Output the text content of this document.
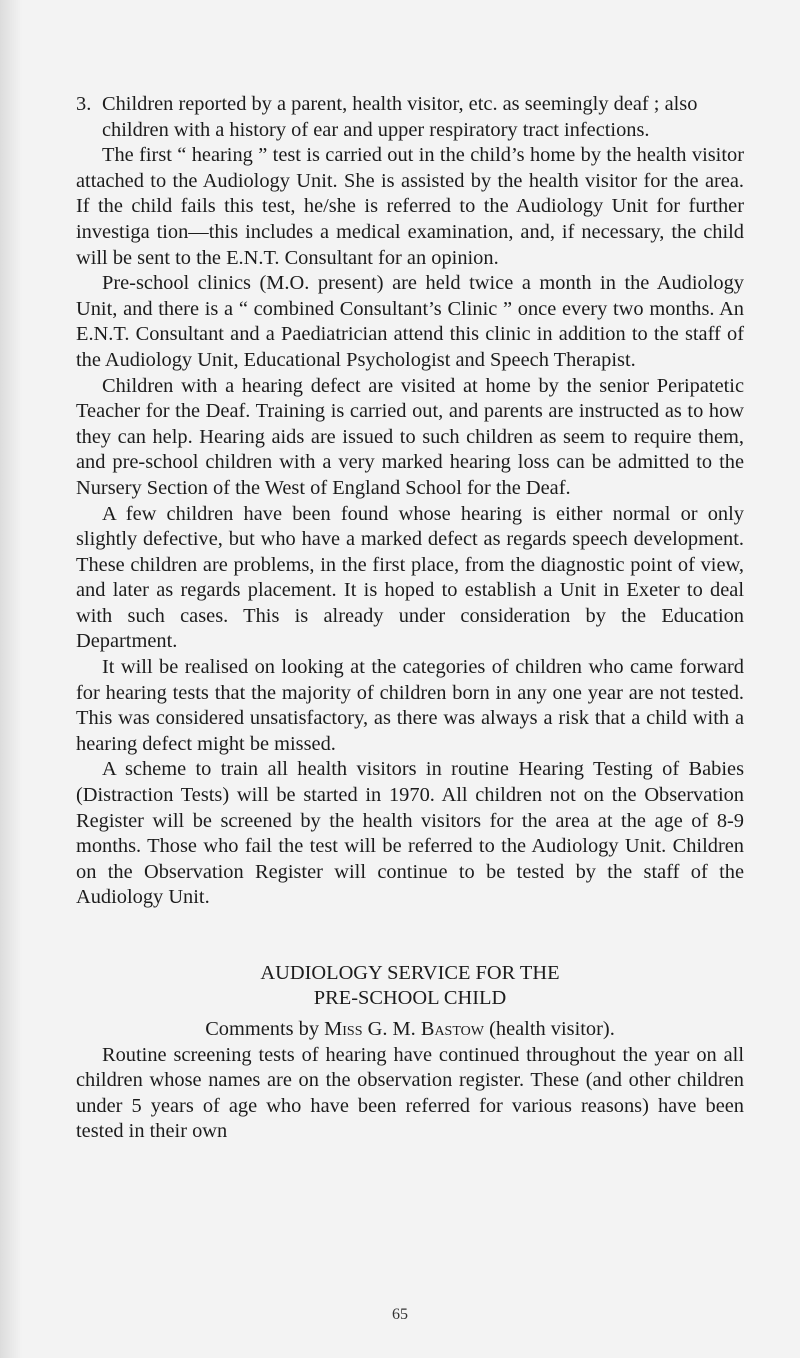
3. Children reported by a parent, health visitor, etc. as seemingly deaf ; also children with a history of ear and upper respiratory tract infections.

The first “ hearing ” test is carried out in the child’s home by the health visitor attached to the Audiology Unit. She is assisted by the health visitor for the area. If the child fails this test, he/she is referred to the Audiology Unit for further investiga tion—this includes a medical examination, and, if necessary, the child will be sent to the E.N.T. Consultant for an opinion.

Pre-school clinics (M.O. present) are held twice a month in the Audiology Unit, and there is a “ combined Consultant’s Clinic ” once every two months. An E.N.T. Consultant and a Paediatrician attend this clinic in addition to the staff of the Audiology Unit, Educational Psychologist and Speech Therapist.

Children with a hearing defect are visited at home by the senior Peripatetic Teacher for the Deaf. Training is carried out, and parents are instructed as to how they can help. Hearing aids are issued to such children as seem to require them, and pre-school children with a very marked hearing loss can be admitted to the Nursery Section of the West of England School for the Deaf.

A few children have been found whose hearing is either normal or only slightly defective, but who have a marked defect as regards speech development. These children are problems, in the first place, from the diagnostic point of view, and later as regards placement. It is hoped to establish a Unit in Exeter to deal with such cases. This is already under consideration by the Education Department.

It will be realised on looking at the categories of children who came forward for hearing tests that the majority of children born in any one year are not tested. This was considered unsatisfactory, as there was always a risk that a child with a hearing defect might be missed.

A scheme to train all health visitors in routine Hearing Testing of Babies (Distraction Tests) will be started in 1970. All children not on the Observation Register will be screened by the health visitors for the area at the age of 8-9 months. Those who fail the test will be referred to the Audiology Unit. Children on the Observation Register will continue to be tested by the staff of the Audiology Unit.

AUDIOLOGY SERVICE FOR THE
PRE-SCHOOL CHILD

Comments by Miss G. M. Bastow (health visitor).

Routine screening tests of hearing have continued throughout the year on all children whose names are on the observation register. These (and other children under 5 years of age who have been referred for various reasons) have been tested in their own

65
